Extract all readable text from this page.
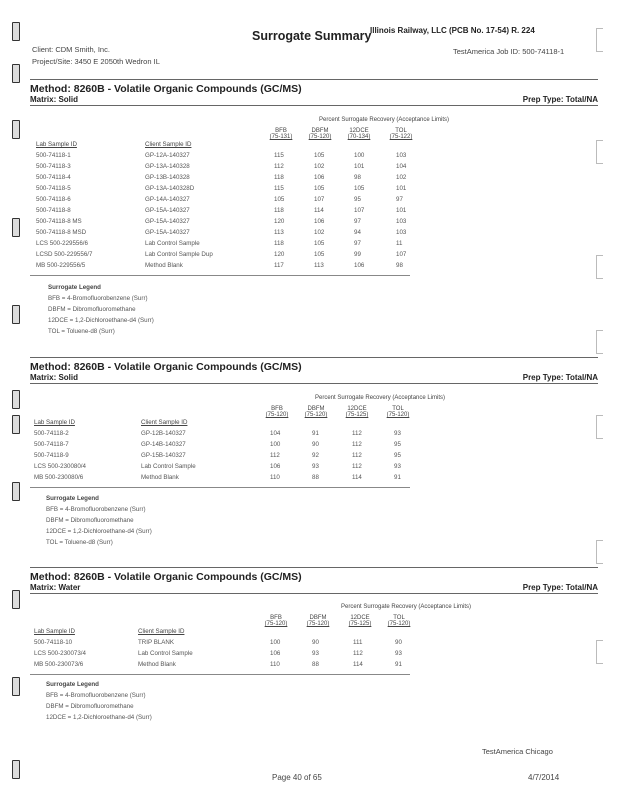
Surrogate Summary
Illinois Railway, LLC (PCB No. 17-54) R. 224
Client: CDM Smith, Inc.
Project/Site: 3450 E 2050th Wedron IL
TestAmerica Job ID: 500-74118-1
Method: 8260B - Volatile Organic Compounds (GC/MS)
Matrix: Solid	Prep Type: Total/NA
Percent Surrogate Recovery (Acceptance Limits)
BFB
(75-131)
DBFM
(75-120)
12DCE
(70-134)
TOL
(75-122)
Lab Sample ID	Client Sample ID
500-74118-1	GP-12A-140327	115	105	100	103
500-74118-3	GP-13A-140328	112	102	101	104
500-74118-4	GP-13B-140328	118	106	98	102
500-74118-5	GP-13A-140328D	115	105	105	101
500-74118-6	GP-14A-140327	105	107	95	97
500-74118-8	GP-15A-140327	118	114	107	101
500-74118-8 MS	GP-15A-140327	120	106	97	103
500-74118-8 MSD	GP-15A-140327	113	102	94	103
LCS 500-229556/6	Lab Control Sample	118	105	97	11
LCSD 500-229556/7	Lab Control Sample Dup	120	105	99	107
MB 500-229556/5	Method Blank	117	113	106	98
Surrogate Legend
BFB = 4-Bromofluorobenzene (Surr)
DBFM = Dibromofluoromethane
12DCE = 1,2-Dichloroethane-d4 (Surr)
TOL = Toluene-d8 (Surr)
Method: 8260B - Volatile Organic Compounds (GC/MS)
Matrix: Solid	Prep Type: Total/NA
Percent Surrogate Recovery (Acceptance Limits)
BFB
(75-120)
DBFM
(75-120)
12DCE
(75-125)
TOL
(75-120)
Lab Sample ID	Client Sample ID
500-74118-2	GP-12B-140327	104	91	112	93
500-74118-7	GP-14B-140327	100	90	112	95
500-74118-9	GP-15B-140327	112	92	112	95
LCS 500-230080/4	Lab Control Sample	106	93	112	93
MB 500-230080/6	Method Blank	110	88	114	91
Surrogate Legend
BFB = 4-Bromofluorobenzene (Surr)
DBFM = Dibromofluoromethane
12DCE = 1,2-Dichloroethane-d4 (Surr)
TOL = Toluene-d8 (Surr)
Method: 8260B - Volatile Organic Compounds (GC/MS)
Matrix: Water	Prep Type: Total/NA
Percent Surrogate Recovery (Acceptance Limits)
BFB
(75-120)
DBFM
(75-120)
12DCE
(75-125)
TOL
(75-120)
Lab Sample ID	Client Sample ID
500-74118-10	TRIP BLANK	100	90	111	90
LCS 500-230073/4	Lab Control Sample	106	93	112	93
MB 500-230073/6	Method Blank	110	88	114	91
Surrogate Legend
BFB = 4-Bromofluorobenzene (Surr)
DBFM = Dibromofluoromethane
12DCE = 1,2-Dichloroethane-d4 (Surr)
TestAmerica Chicago
Page 40 of 65	4/7/2014
